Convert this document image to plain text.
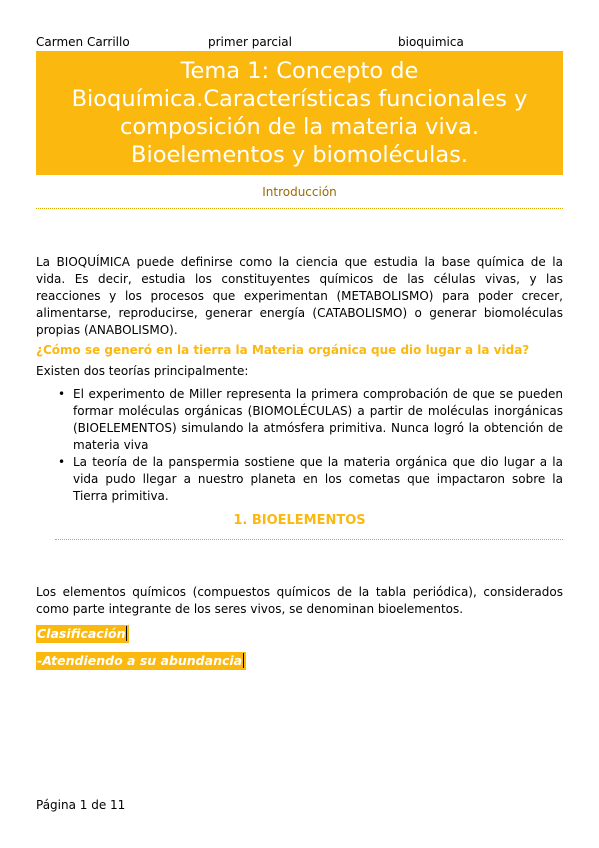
Carmen Carrillo	primer parcial	bioquimica
Tema 1: Concepto de
Bioquímica.Características funcionales y
composición de la materia viva.
Bioelementos y biomoléculas.
Introducción
La BIOQUÍMICA puede definirse como la ciencia que estudia la base química de la
vida. Es decir, estudia los constituyentes químicos de las células vivas, y las
reacciones y los procesos que experimentan (METABOLISMO) para poder crecer,
alimentarse, reproducirse, generar energía (CATABOLISMO) o generar biomoléculas
propias (ANABOLISMO).
¿Cómo se generó en la tierra la Materia orgánica que dio lugar a la vida?
Existen dos teorías principalmente:
• El experimento de Miller representa la primera comprobación de que se pueden
formar moléculas orgánicas (BIOMOLÉCULAS) a partir de moléculas inorgánicas
(BIOELEMENTOS) simulando la atmósfera primitiva. Nunca logró la obtención de
materia viva
• La teoría de la panspermia sostiene que la materia orgánica que dio lugar a la
vida pudo llegar a nuestro planeta en los cometas que impactaron sobre la
Tierra primitiva.
1. BIOELEMENTOS
Los elementos químicos (compuestos químicos de la tabla periódica), considerados
como parte integrante de los seres vivos, se denominan bioelementos.
Clasificación
-Atendiendo a su abundancia
Página 1 de 11
